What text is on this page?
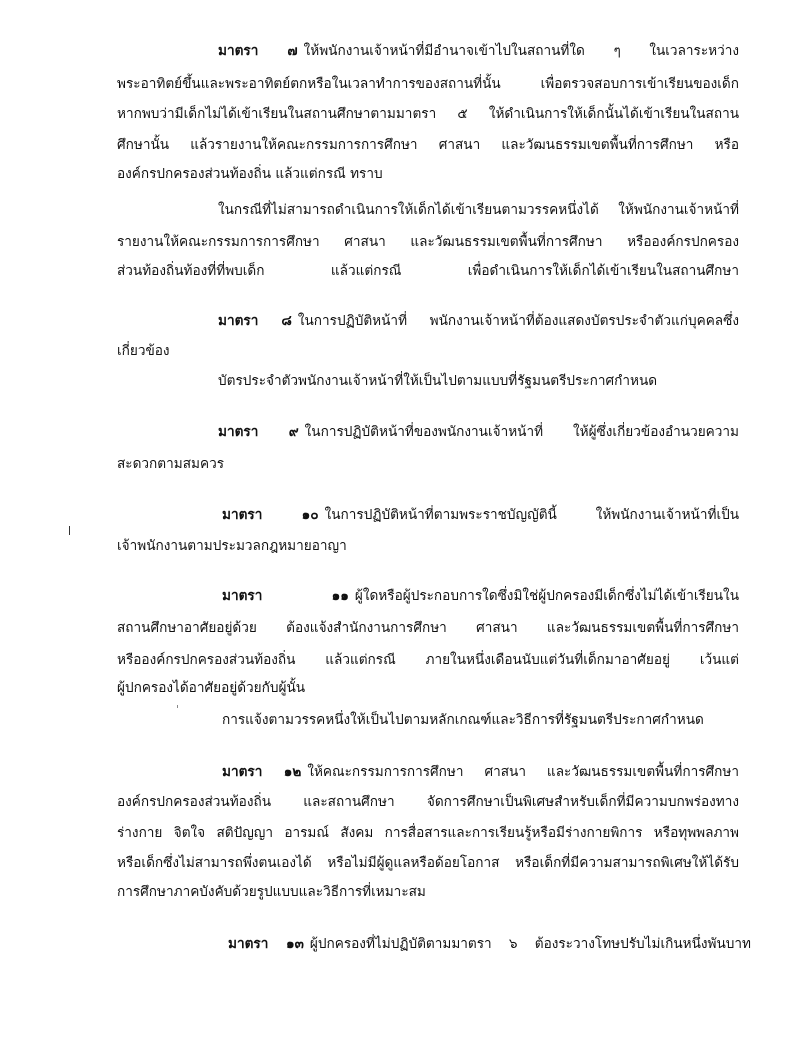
มาตรา ๗ ให้พนักงานเจ้าหน้าที่มีอำนาจเข้าไปในสถานที่ใด ๆ ในเวลาระหว่าง
พระอาทิตย์ขึ้นและพระอาทิตย์ตกหรือในเวลาทำการของสถานที่นั้น เพื่อตรวจสอบการเข้าเรียนของเด็ก
หากพบว่ามีเด็กไม่ได้เข้าเรียนในสถานศึกษาตามมาตรา ๕ ให้ดำเนินการให้เด็กนั้นได้เข้าเรียนในสถาน
ศึกษานั้น แล้วรายงานให้คณะกรรมการการศึกษา ศาสนา และวัฒนธรรมเขตพื้นที่การศึกษา หรือ
องค์กรปกครองส่วนท้องถิ่น แล้วแต่กรณี ทราบ
ในกรณีที่ไม่สามารถดำเนินการให้เด็กได้เข้าเรียนตามวรรคหนึ่งได้ ให้พนักงานเจ้าหน้าที่
รายงานให้คณะกรรมการการศึกษา ศาสนา และวัฒนธรรมเขตพื้นที่การศึกษา หรือองค์กรปกครอง
ส่วนท้องถิ่นท้องที่ที่พบเด็ก แล้วแต่กรณี เพื่อดำเนินการให้เด็กได้เข้าเรียนในสถานศึกษา
มาตรา ๘ ในการปฏิบัติหน้าที่ พนักงานเจ้าหน้าที่ต้องแสดงบัตรประจำตัวแก่บุคคลซึ่ง
เกี่ยวข้อง
บัตรประจำตัวพนักงานเจ้าหน้าที่ให้เป็นไปตามแบบที่รัฐมนตรีประกาศกำหนด
มาตรา ๙ ในการปฏิบัติหน้าที่ของพนักงานเจ้าหน้าที่ ให้ผู้ซึ่งเกี่ยวข้องอำนวยความ
สะดวกตามสมควร
มาตรา ๑๐ ในการปฏิบัติหน้าที่ตามพระราชบัญญัตินี้ ให้พนักงานเจ้าหน้าที่เป็น
เจ้าพนักงานตามประมวลกฎหมายอาญา
มาตรา ๑๑ ผู้ใดหรือผู้ประกอบการใดซึ่งมิใช่ผู้ปกครองมีเด็กซึ่งไม่ได้เข้าเรียนใน
สถานศึกษาอาศัยอยู่ด้วย ต้องแจ้งสำนักงานการศึกษา ศาสนา และวัฒนธรรมเขตพื้นที่การศึกษา
หรือองค์กรปกครองส่วนท้องถิ่น แล้วแต่กรณี ภายในหนึ่งเดือนนับแต่วันที่เด็กมาอาศัยอยู่ เว้นแต่
ผู้ปกครองได้อาศัยอยู่ด้วยกับผู้นั้น
การแจ้งตามวรรคหนึ่งให้เป็นไปตามหลักเกณฑ์และวิธีการที่รัฐมนตรีประกาศกำหนด
มาตรา ๑๒ ให้คณะกรรมการการศึกษา ศาสนา และวัฒนธรรมเขตพื้นที่การศึกษา
องค์กรปกครองส่วนท้องถิ่น และสถานศึกษา จัดการศึกษาเป็นพิเศษสำหรับเด็กที่มีความบกพร่องทาง
ร่างกาย จิตใจ สติปัญญา อารมณ์ สังคม การสื่อสารและการเรียนรู้หรือมีร่างกายพิการ หรือทุพพลภาพ
หรือเด็กซึ่งไม่สามารถพึ่งตนเองได้ หรือไม่มีผู้ดูแลหรือด้อยโอกาส หรือเด็กที่มีความสามารถพิเศษให้ได้รับ
การศึกษาภาคบังคับด้วยรูปแบบและวิธีการที่เหมาะสม
มาตรา ๑๓ ผู้ปกครองที่ไม่ปฏิบัติตามมาตรา ๖ ต้องระวางโทษปรับไม่เกินหนึ่งพันบาท
